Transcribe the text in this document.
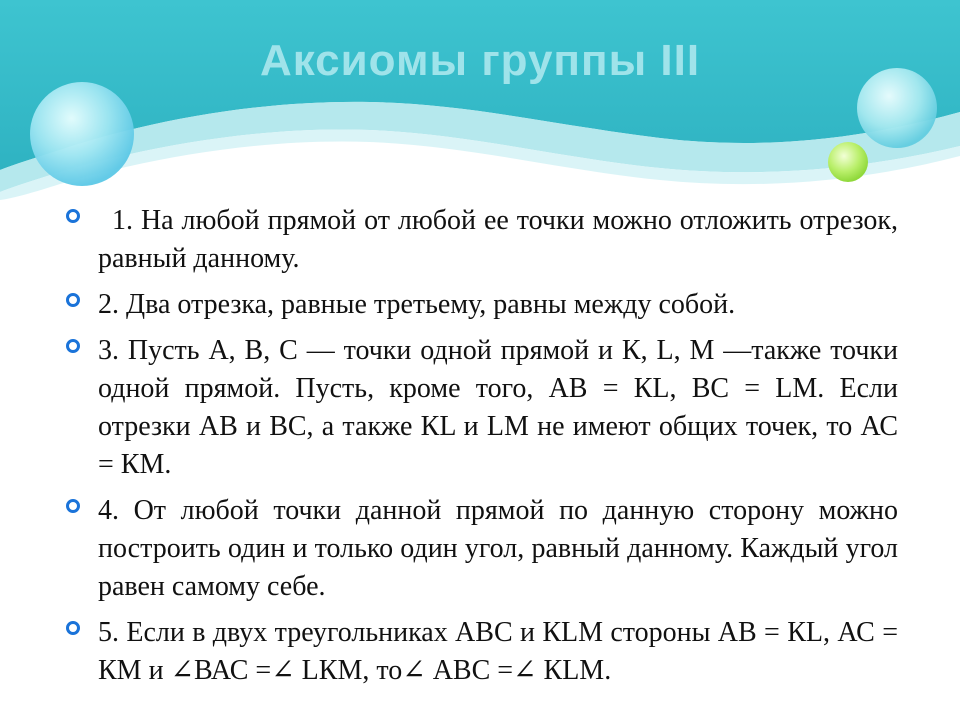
Аксиомы группы III

1. На любой прямой от любой ее точки можно отложить отрезок, равный данному.

2. Два отрезка, равные третьему, равны между собой.

3. Пусть А, В, С — точки одной прямой и К, L, М —также точки одной прямой. Пусть, кроме того, АВ = КL, ВС = LM. Если отрезки АВ и ВС, а также КL и LM не имеют общих точек, то АС = КМ.

4. От любой точки данной прямой по данную сторону можно построить один и только один угол, равный данному. Каждый угол равен самому себе.

5. Если в двух треугольниках АВС и КLM стороны АВ = КL, АС = КМ и ∠ВАС =∠ LКМ, то∠ АВС =∠ КLM.
